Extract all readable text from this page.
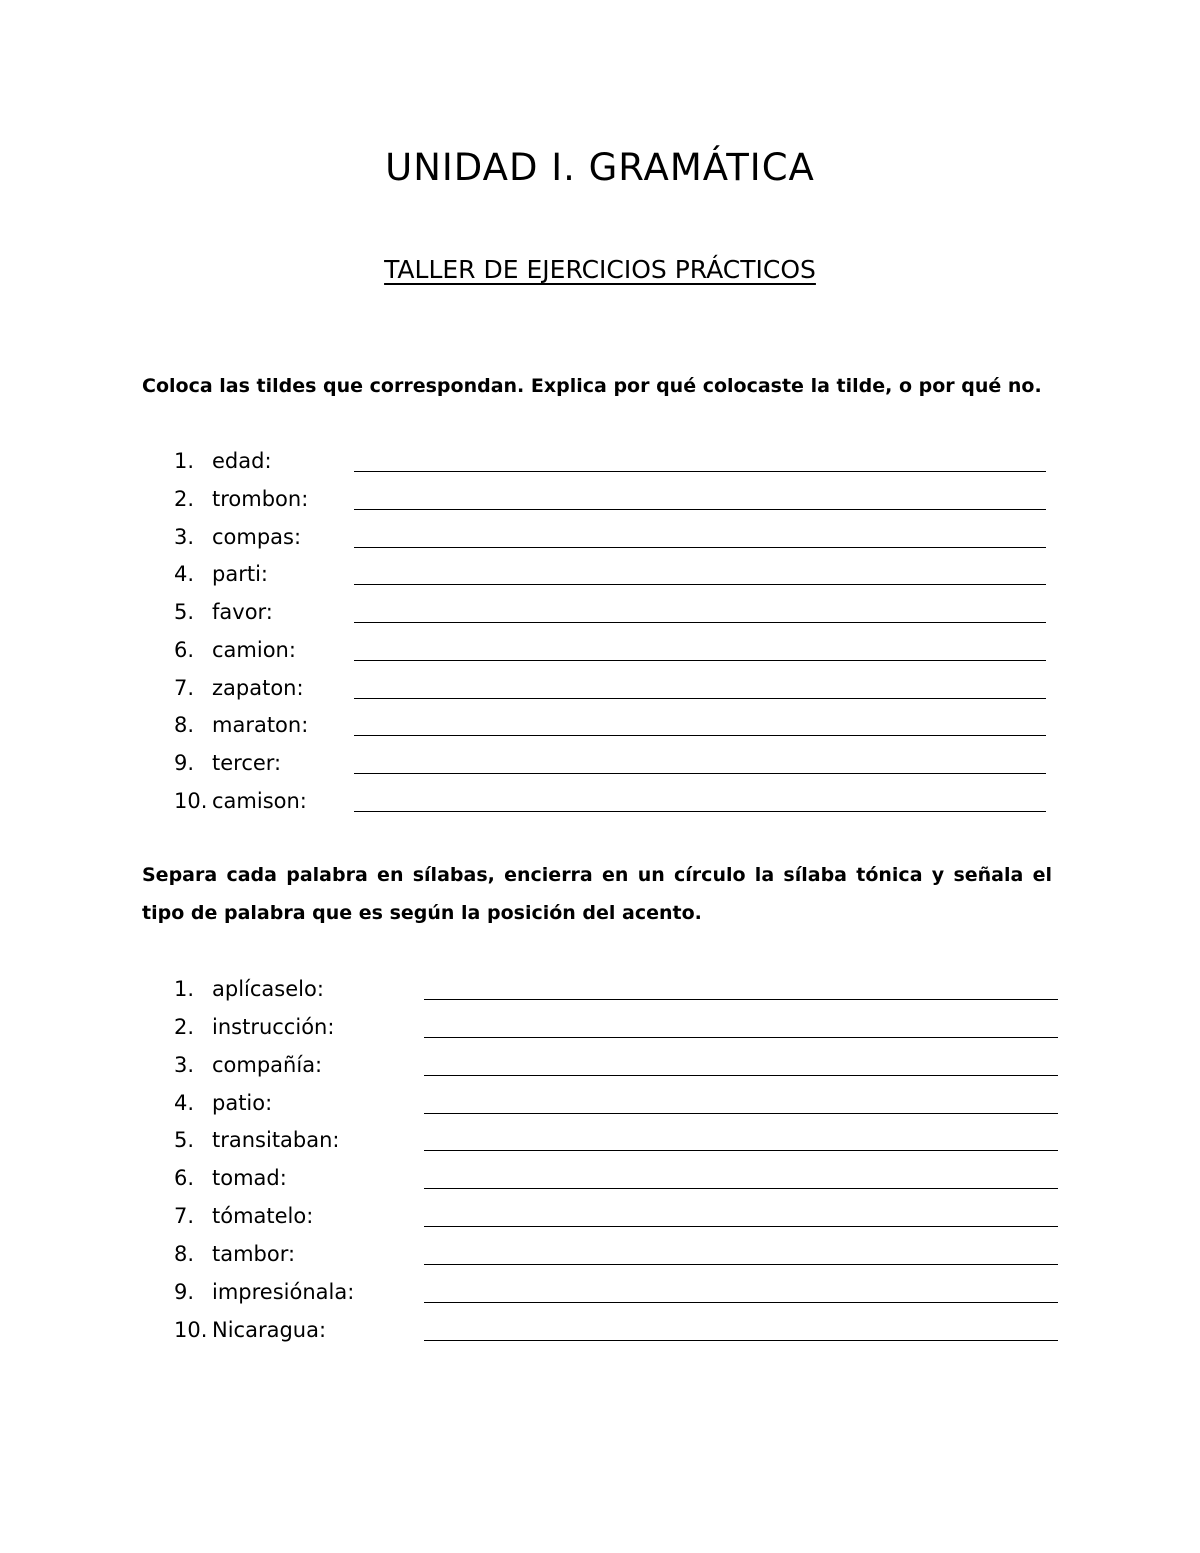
UNIDAD I. GRAMÁTICA
TALLER DE EJERCICIOS PRÁCTICOS
Coloca las tildes que correspondan. Explica por qué colocaste la tilde, o por qué no.
1. edad:
2. trombon:
3. compas:
4. parti:
5. favor:
6. camion:
7. zapaton:
8. maraton:
9. tercer:
10. camison:
Separa cada palabra en sílabas, encierra en un círculo la sílaba tónica y señala el tipo de palabra que es según la posición del acento.
1. aplícaselo:
2. instrucción:
3. compañía:
4. patio:
5. transitaban:
6. tomad:
7. tómatelo:
8. tambor:
9. impresiónala:
10. Nicaragua:
